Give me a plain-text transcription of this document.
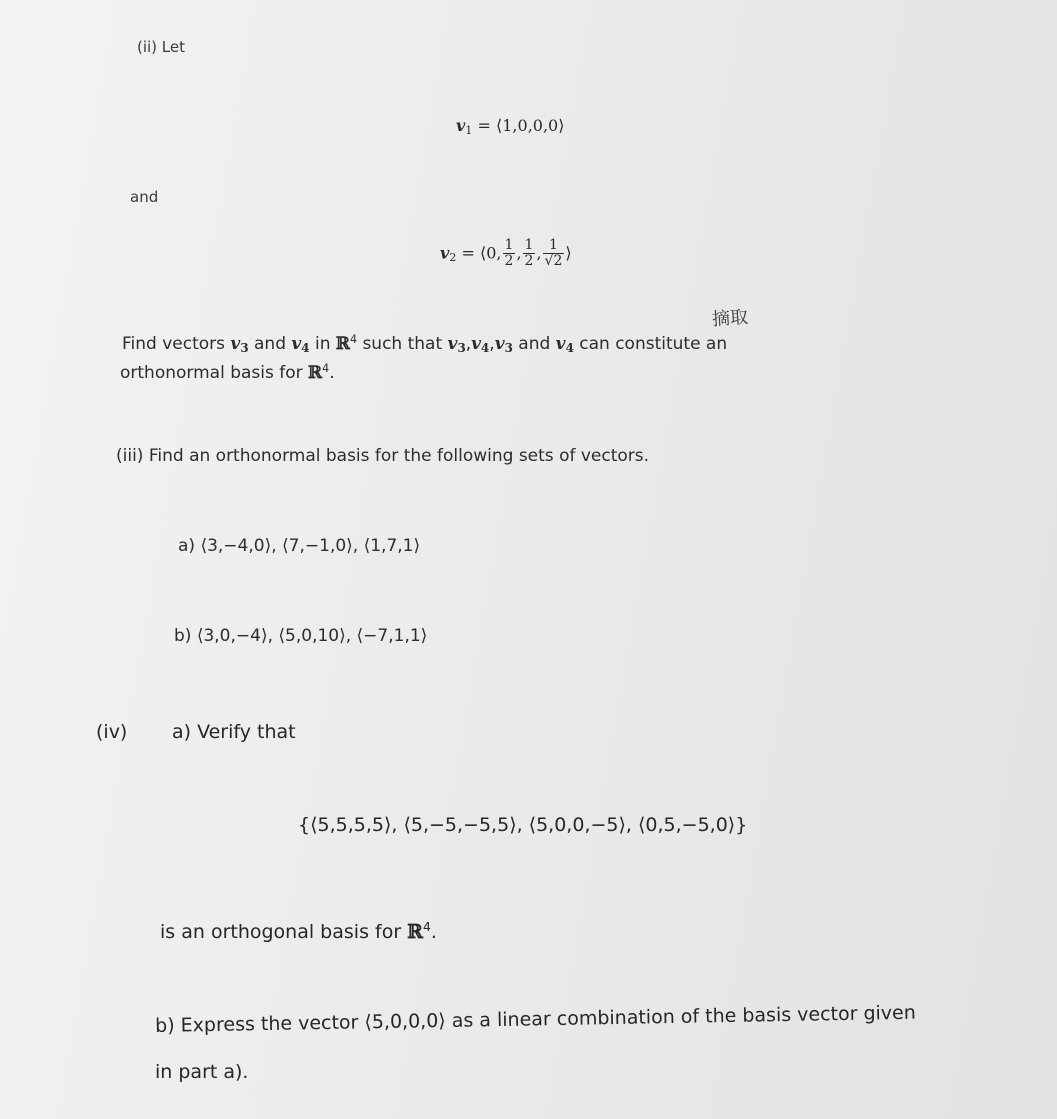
(ii) Let

$v_1$ = ⟨1,0,0,0⟩

and

$v_2$ = ⟨0, $\frac{1}{2}$ , $\frac{1}{2}$ , $\frac{1}{√2}$ ⟩

摘取

Find vectors $v_3$ and $v_4$ in ℝ$^4$ such that $v_3,v_4,v_3$ and $v_4$ can constitute an

orthonormal basis for ℝ$^4$.

(iii) Find an orthonormal basis for the following sets of vectors.

a) ⟨3,−4,0⟩, ⟨7,−1,0⟩, ⟨1,7,1⟩

b) ⟨3,0,−4⟩, ⟨5,0,10⟩, ⟨−7,1,1⟩

(iv) a) Verify that

{⟨5,5,5,5⟩, ⟨5,−5,−5,5⟩, ⟨5,0,0,−5⟩, ⟨0,5,−5,0⟩}

is an orthogonal basis for ℝ$^4$.

b) Express the vector ⟨5,0,0,0⟩ as a linear combination of the basis vector given

in part a).
